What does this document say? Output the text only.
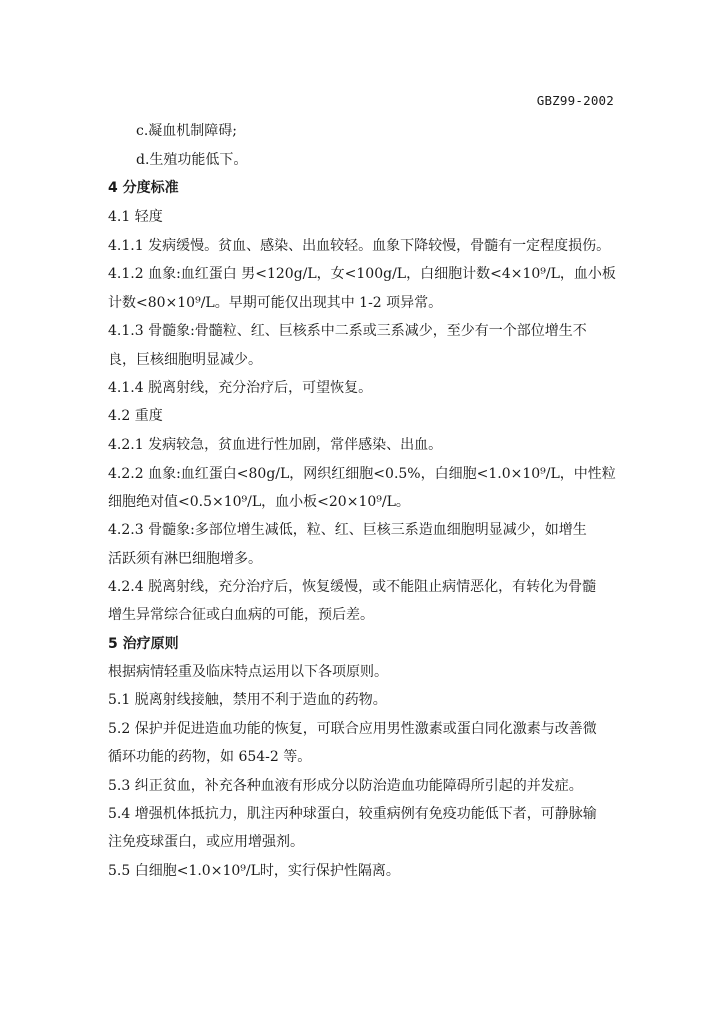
GBZ99-2002
c.凝血机制障碍;
d.生殖功能低下。
4 分度标准
4.1 轻度
4.1.1 发病缓慢。贫血、感染、出血较轻。血象下降较慢，骨髓有一定程度损伤。
4.1.2 血象:血红蛋白 男<120g/L，女<100g/L，白细胞计数<4×10⁹/L，血小板
计数<80×10⁹/L。早期可能仅出现其中 1-2 项异常。
4.1.3 骨髓象:骨髓粒、红、巨核系中二系或三系减少，至少有一个部位增生不
良，巨核细胞明显减少。
4.1.4 脱离射线，充分治疗后，可望恢复。
4.2 重度
4.2.1 发病较急，贫血进行性加剧，常伴感染、出血。
4.2.2 血象:血红蛋白<80g/L，网织红细胞<0.5%，白细胞<1.0×10⁹/L，中性粒
细胞绝对值<0.5×10⁹/L，血小板<20×10⁹/L。
4.2.3 骨髓象:多部位增生减低，粒、红、巨核三系造血细胞明显减少，如增生
活跃须有淋巴细胞增多。
4.2.4 脱离射线，充分治疗后，恢复缓慢，或不能阻止病情恶化，有转化为骨髓
增生异常综合征或白血病的可能，预后差。
5 治疗原则
根据病情轻重及临床特点运用以下各项原则。
5.1 脱离射线接触，禁用不利于造血的药物。
5.2 保护并促进造血功能的恢复，可联合应用男性激素或蛋白同化激素与改善微
循环功能的药物，如 654-2 等。
5.3 纠正贫血，补充各种血液有形成分以防治造血功能障碍所引起的并发症。
5.4 增强机体抵抗力，肌注丙种球蛋白，较重病例有免疫功能低下者，可静脉输
注免疫球蛋白，或应用增强剂。
5.5 白细胞<1.0×10⁹/L时，实行保护性隔离。
